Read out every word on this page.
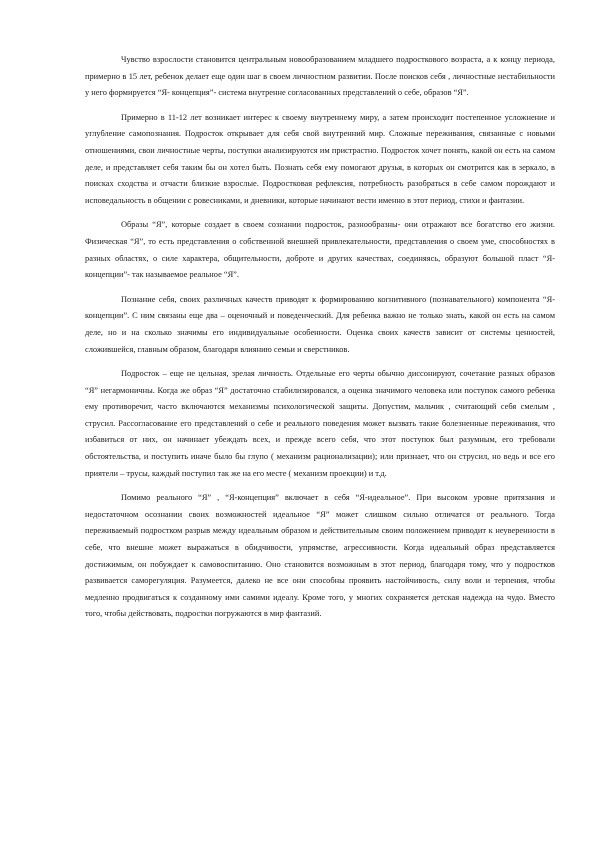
Чувство взрослости становится центральным новообразованием младшего подросткового возраста, а к концу периода, примерно в 15 лет, ребенок делает еще один шаг в своем личностном развитии. После поисков себя , личностные нестабильности у него формируется “Я- концепция”- система внутренне согласованных представлений о себе, образов “Я”.

Примерно в 11-12 лет возникает интерес к своему внутреннему миру, а затем происходит постепенное усложнение и углубление самопознания. Подросток открывает для себя свой внутренний мир. Сложные переживания, связанные с новыми отношениями, свои личностные черты, поступки анализируются им пристрастно. Подросток хочет понять, какой он есть на самом деле, и представляет себя таким бы он хотел быть. Познать себя ему помогают друзья, в которых он смотрится как в зеркало, в поисках сходства и отчасти близкие взрослые. Подростковая рефлексия, потребность разобраться в себе самом порождают и исповедальность в общении с ровесниками, и дневники, которые начинают вести именно в этот период, стихи и фантазии.

Образы “Я”, которые создает в своем сознании подросток, разнообразны- они отражают все богатство его жизни. Физическая “Я”, то есть представления о собственной внешней привлекательности, представления о своем уме, способностях в разных областях, о силе характера, общительности, доброте и других качествах, соединяясь, образуют большой пласт “Я-концепции”- так называемое реальное “Я”.

Познание себя, своих различных качеств приводят к формированию когнитивного (познавательного) компонента “Я-концепции”. С ним связаны еще два – оценочный и поведенческий. Для ребенка важно не только знать, какой он есть на самом деле, но и на сколько значимы его индивидуальные особенности. Оценка своих качеств зависит от системы ценностей, сложившейся, главным образом, благодаря влиянию семьи и сверстников.

Подросток – еще не цельная, зрелая личность. Отдельные его черты обычно диссонируют, сочетание разных образов “Я” негармоничны. Когда же образ “Я” достаточно стабилизировался, а оценка значимого человека или поступок самого ребенка ему противоречит, часто включаются механизмы психологической защиты. Допустим, мальчик , считающий себя смелым , струсил. Рассогласование его представлений о себе и реального поведения может вызвать такие болезненные переживания, что избавиться от них, он начинает убеждать всех, и прежде всего себя, что этот поступок был разумным, его требовали обстоятельства, и поступить иначе было бы глупо ( механизм рационализации); или признает, что он струсил, но ведь и все его приятели – трусы, каждый поступил так же на его месте ( механизм проекции) и т.д.

Помимо реального “Я” , “Я-концепция” включает в себя “Я-идеальное”. При высоком уровне притязания и недостаточном осознании своих возможностей идеальное “Я” может слишком сильно отличатся от реального. Тогда переживаемый подростком разрыв между идеальным образом и действительным своим положением приводит к неуверенности в себе, что внешне может выражаться в обидчивости, упрямстве, агрессивности. Когда идеальный образ представляется достижимым, он побуждает к самовоспитанию. Оно становится возможным в этот период, благодаря тому, что у подростков развивается саморегуляция. Разумеется, далеко не все они способны проявить настойчивость, силу воли и терпения, чтобы медленно продвигаться к созданному ими самими идеалу. Кроме того, у многих сохраняется детская надежда на чудо. Вместо того, чтобы действовать, подростки погружаются в мир фантазий.
